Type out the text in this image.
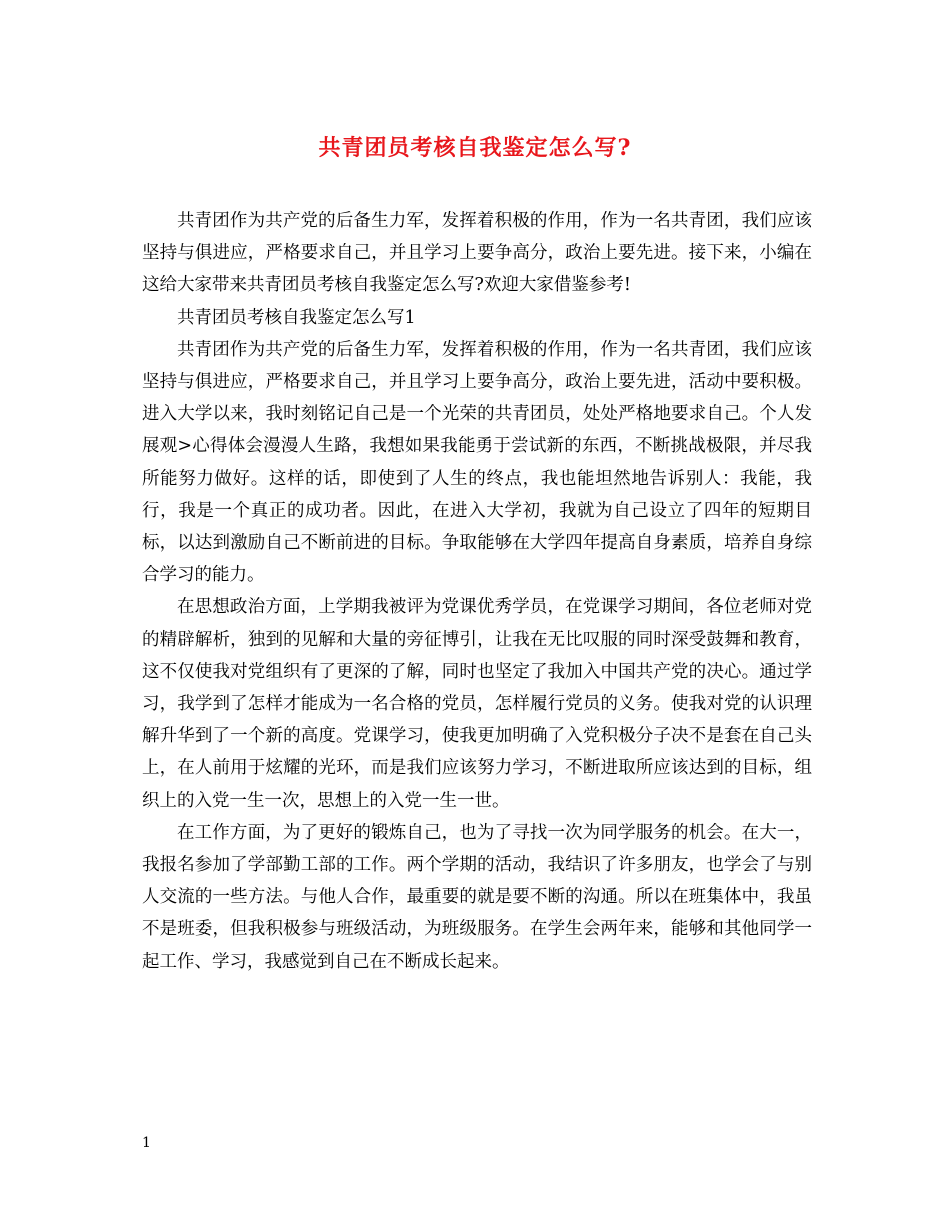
共青团员考核自我鉴定怎么写?

共青团作为共产党的后备生力军，发挥着积极的作用，作为一名共青团，我们应该坚持与俱进应，严格要求自己，并且学习上要争高分，政治上要先进。接下来，小编在这给大家带来共青团员考核自我鉴定怎么写?欢迎大家借鉴参考!

共青团员考核自我鉴定怎么写1

共青团作为共产党的后备生力军，发挥着积极的作用，作为一名共青团，我们应该坚持与俱进应，严格要求自己，并且学习上要争高分，政治上要先进，活动中要积极。进入大学以来，我时刻铭记自己是一个光荣的共青团员，处处严格地要求自己。个人发展观>心得体会漫漫人生路，我想如果我能勇于尝试新的东西，不断挑战极限，并尽我所能努力做好。这样的话，即使到了人生的终点，我也能坦然地告诉别人：我能，我行，我是一个真正的成功者。因此，在进入大学初，我就为自己设立了四年的短期目标，以达到激励自己不断前进的目标。争取能够在大学四年提高自身素质，培养自身综合学习的能力。

在思想政治方面，上学期我被评为党课优秀学员，在党课学习期间，各位老师对党的精辟解析，独到的见解和大量的旁征博引，让我在无比叹服的同时深受鼓舞和教育，这不仅使我对党组织有了更深的了解，同时也坚定了我加入中国共产党的决心。通过学习，我学到了怎样才能成为一名合格的党员，怎样履行党员的义务。使我对党的认识理解升华到了一个新的高度。党课学习，使我更加明确了入党积极分子决不是套在自己头上，在人前用于炫耀的光环，而是我们应该努力学习，不断进取所应该达到的目标，组织上的入党一生一次，思想上的入党一生一世。

在工作方面，为了更好的锻炼自己，也为了寻找一次为同学服务的机会。在大一，我报名参加了学部勤工部的工作。两个学期的活动，我结识了许多朋友，也学会了与别人交流的一些方法。与他人合作，最重要的就是要不断的沟通。所以在班集体中，我虽不是班委，但我积极参与班级活动，为班级服务。在学生会两年来，能够和其他同学一起工作、学习，我感觉到自己在不断成长起来。

1
